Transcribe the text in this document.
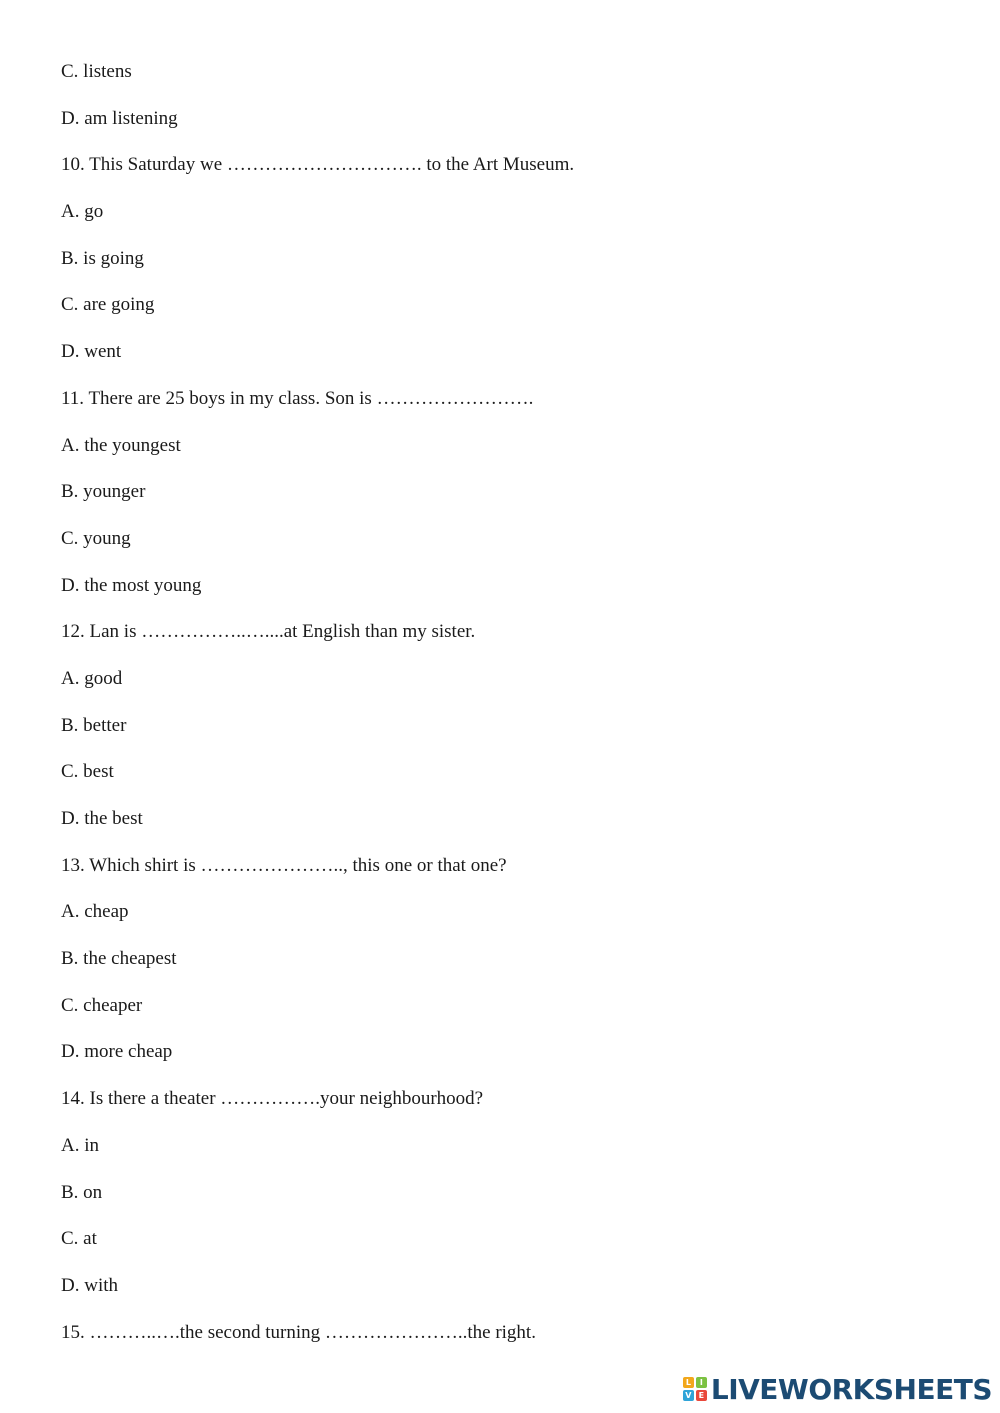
C. listens
D. am listening
10. This Saturday we …………………………. to the Art Museum.
A. go
B. is going
C. are going
D. went
11. There are 25 boys in my class. Son is …………………….
A. the youngest
B. younger
C. young
D. the most young
12. Lan is ……………..…....at English than my sister.
A. good
B. better
C. best
D. the best
13. Which shirt is ………………….., this one or that one?
A. cheap
B. the cheapest
C. cheaper
D. more cheap
14. Is there a theater …………….your neighbourhood?
A. in
B. on
C. at
D. with
15. ………..….the second turning …………………..the right.
L	I
V E LIVEWORKSHEETS
